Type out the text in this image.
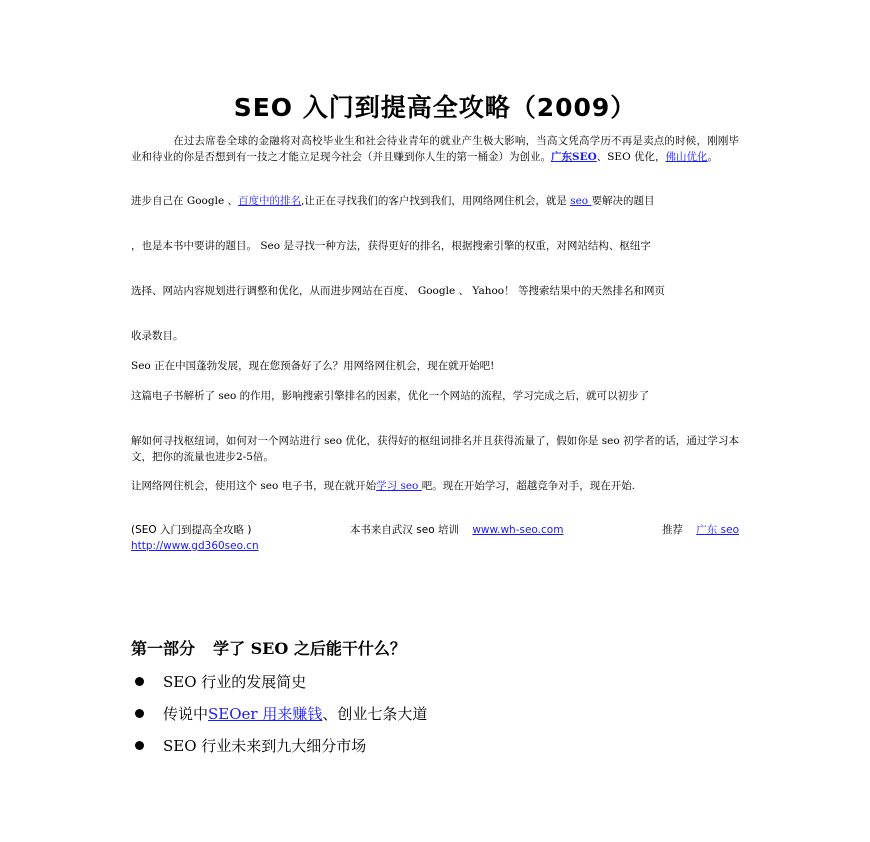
SEO 入门到提高全攻略（2009）

在过去席卷全球的金融将对高校毕业生和社会待业青年的就业产生极大影响，当高文凭高学历不再是卖点的时候，刚刚毕业和待业的你是否想到有一技之才能立足现今社会（并且赚到你人生的第一桶金）为创业。广东SEO、SEO 优化，佛山优化。

进步自己在 Google 、百度中的排名,让正在寻找我们的客户找到我们，用网络网住机会，就是 seo 要解决的题目

，也是本书中要讲的题目。 Seo 是寻找一种方法，获得更好的排名，根据搜索引擎的权重，对网站结构、枢纽字

选择、网站内容规划进行调整和优化，从而进步网站在百度、 Google 、 Yahoo！ 等搜索结果中的天然排名和网页

收录数目。

Seo 正在中国蓬勃发展，现在您预备好了么？用网络网住机会，现在就开始吧!

这篇电子书解析了 seo 的作用，影响搜索引擎排名的因素，优化一个网站的流程，学习完成之后，就可以初步了

解如何寻找枢纽词，如何对一个网站进行 seo 优化，获得好的枢纽词排名并且获得流量了，假如你是 seo 初学者的话，通过学习本文，把你的流量也进步2-5倍。

让网络网住机会，使用这个 seo 电子书，现在就开始学习 seo 吧。现在开始学习，超越竞争对手，现在开始.

(SEO 入门到提高全攻略 )	本书来自武汉 seo 培训 www.wh-seo.com	推荐 广东 seo
http://www.gd360seo.cn
第一部分 学了 SEO 之后能干什么？
SEO 行业的发展简史
传说中 SEOer 用来赚钱 、创业七条大道
SEO 行业未来到九大细分市场
